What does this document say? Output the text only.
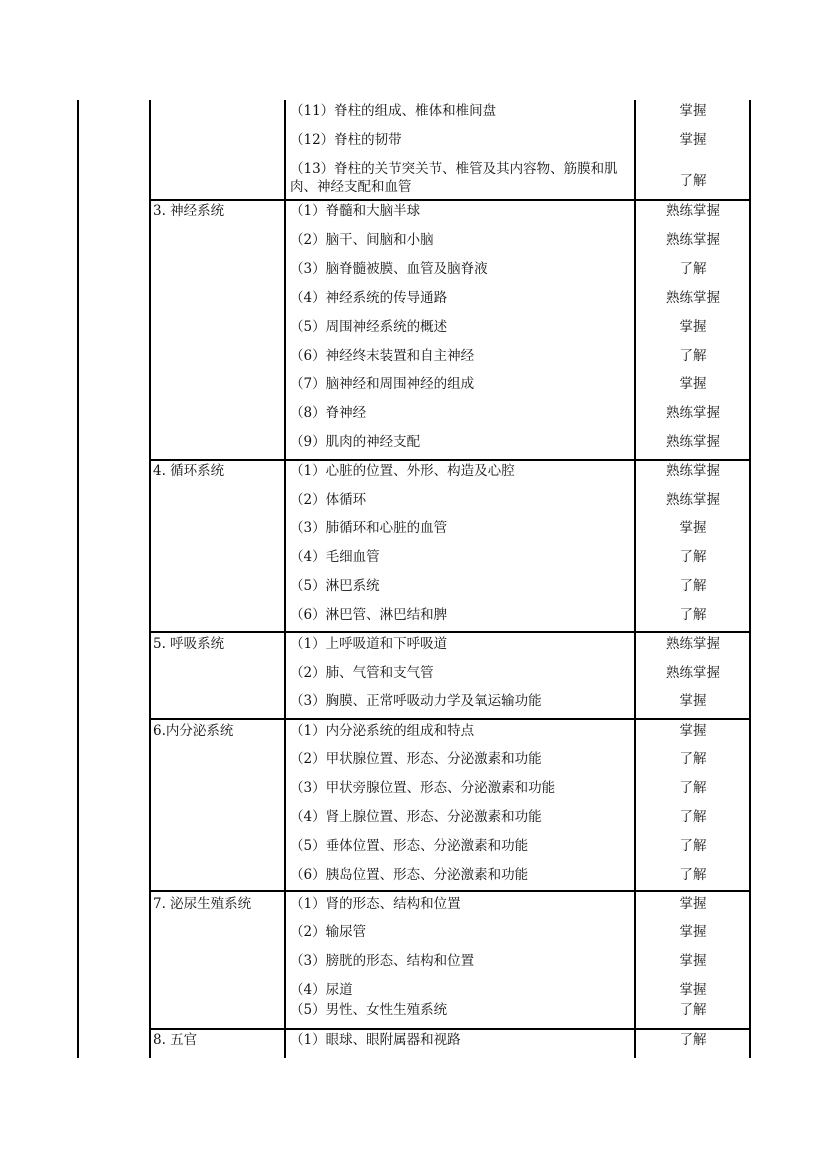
（11）脊柱的组成、椎体和椎间盘	掌握
（12）脊柱的韧带	掌握
（13）脊柱的关节突关节、椎管及其内容物、筋膜和肌肉、神经支配和血管	了解
3. 神经系统	（1）脊髓和大脑半球	熟练掌握
（2）脑干、间脑和小脑	熟练掌握
（3）脑脊髓被膜、血管及脑脊液	了解
（4）神经系统的传导通路	熟练掌握
（5）周围神经系统的概述	掌握
（6）神经终末装置和自主神经	了解
（7）脑神经和周围神经的组成	掌握
（8）脊神经	熟练掌握
（9）肌肉的神经支配	熟练掌握
4. 循环系统	（1）心脏的位置、外形、构造及心腔	熟练掌握
（2）体循环	熟练掌握
（3）肺循环和心脏的血管	掌握
（4）毛细血管	了解
（5）淋巴系统	了解
（6）淋巴管、淋巴结和脾	了解
5. 呼吸系统	（1）上呼吸道和下呼吸道	熟练掌握
（2）肺、气管和支气管	熟练掌握
（3）胸膜、正常呼吸动力学及氧运输功能	掌握
6.内分泌系统	（1）内分泌系统的组成和特点	掌握
（2）甲状腺位置、形态、分泌激素和功能	了解
（3）甲状旁腺位置、形态、分泌激素和功能	了解
（4）肾上腺位置、形态、分泌激素和功能	了解
（5）垂体位置、形态、分泌激素和功能	了解
（6）胰岛位置、形态、分泌激素和功能	了解
7. 泌尿生殖系统	（1）肾的形态、结构和位置	掌握
（2）输尿管	掌握
（3）膀胱的形态、结构和位置	掌握
（4）尿道	掌握
（5）男性、女性生殖系统	了解
8. 五官	（1）眼球、眼附属器和视路	了解
